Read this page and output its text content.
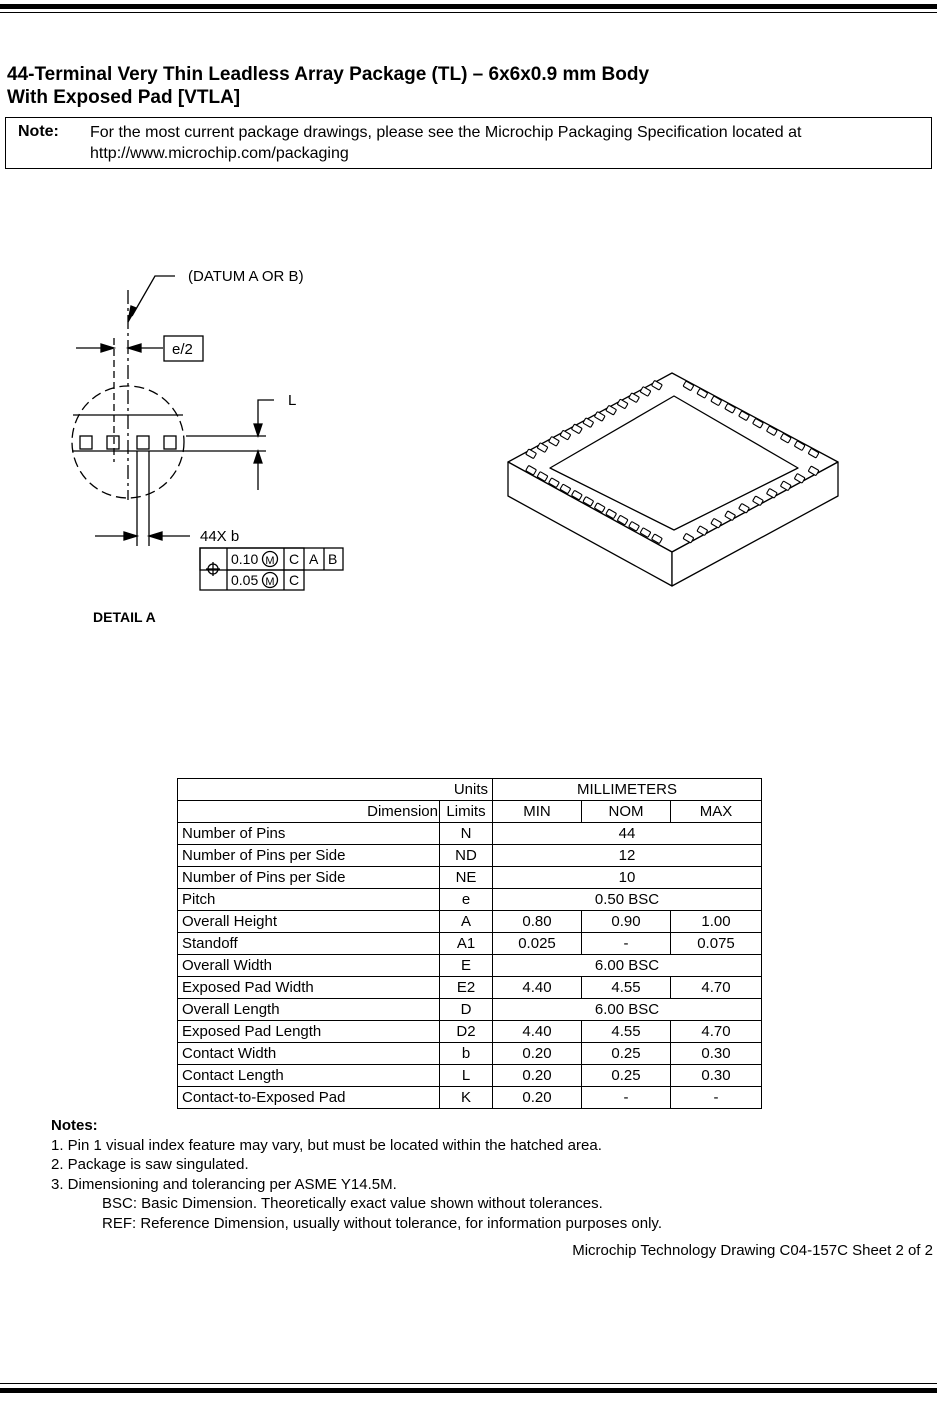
44-Terminal Very Thin Leadless Array Package (TL) – 6x6x0.9 mm Body
With Exposed Pad [VTLA]
Note: For the most current package drawings, please see the Microchip Packaging Specification located at
http://www.microchip.com/packaging
(DATUM A OR B)
e/2
L
44X b
0.10
0.05
M
M
C A B
C
DETAIL A
Units		MILLIMETERS		
Dimension	Limits	MIN	NOM	MAX
Number of Pins	N	44		
Number of Pins per Side	ND	12		
Number of Pins per Side	NE	10		
Pitch	e	0.50 BSC		
Overall Height	A	0.80	0.90	1.00
Standoff	A1	0.025	-	0.075
Overall Width	E	6.00 BSC		
Exposed Pad Width	E2	4.40	4.55	4.70
Overall Length	D	6.00 BSC		
Exposed Pad Length	D2	4.40	4.55	4.70
Contact Width	b	0.20	0.25	0.30
Contact Length	L	0.20	0.25	0.30
Contact-to-Exposed Pad	K	0.20	-	-
Notes:
1. Pin 1 visual index feature may vary, but must be located within the hatched area.
2. Package is saw singulated.
3. Dimensioning and tolerancing per ASME Y14.5M.
BSC: Basic Dimension. Theoretically exact value shown without tolerances.
REF: Reference Dimension, usually without tolerance, for information purposes only.
Microchip Technology Drawing C04-157C Sheet 2 of 2
